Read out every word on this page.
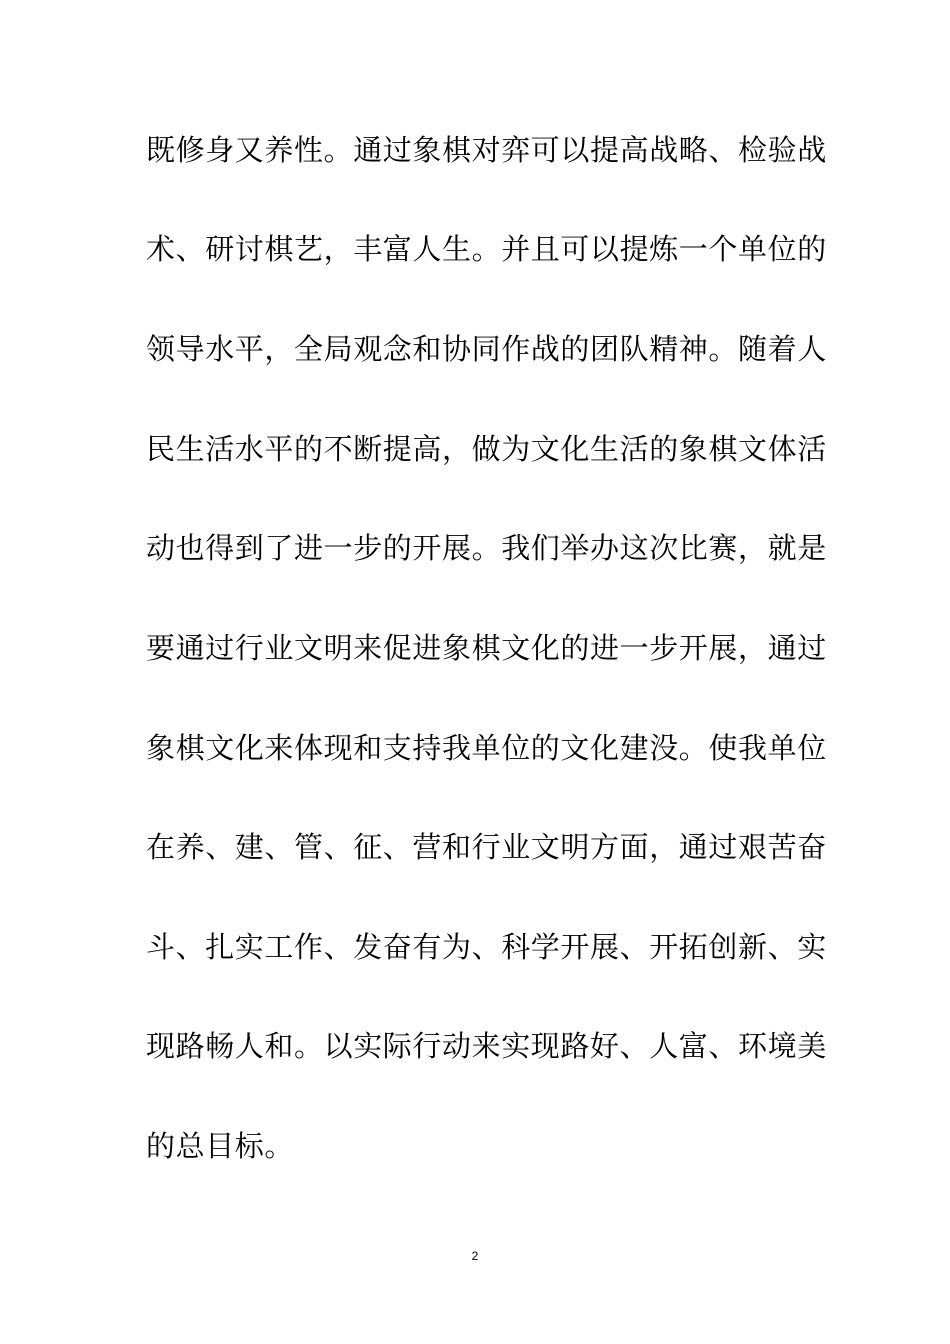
既修身又养性。通过象棋对弈可以提高战略、检验战
术、研讨棋艺，丰富人生。并且可以提炼一个单位的
领导水平，全局观念和协同作战的团队精神。随着人
民生活水平的不断提高，做为文化生活的象棋文体活
动也得到了进一步的开展。我们举办这次比赛，就是
要通过行业文明来促进象棋文化的进一步开展，通过
象棋文化来体现和支持我单位的文化建没。使我单位
在养、建、管、征、营和行业文明方面，通过艰苦奋
斗、扎实工作、发奋有为、科学开展、开拓创新、实
现路畅人和。以实际行动来实现路好、人富、环境美
的总目标。
2
